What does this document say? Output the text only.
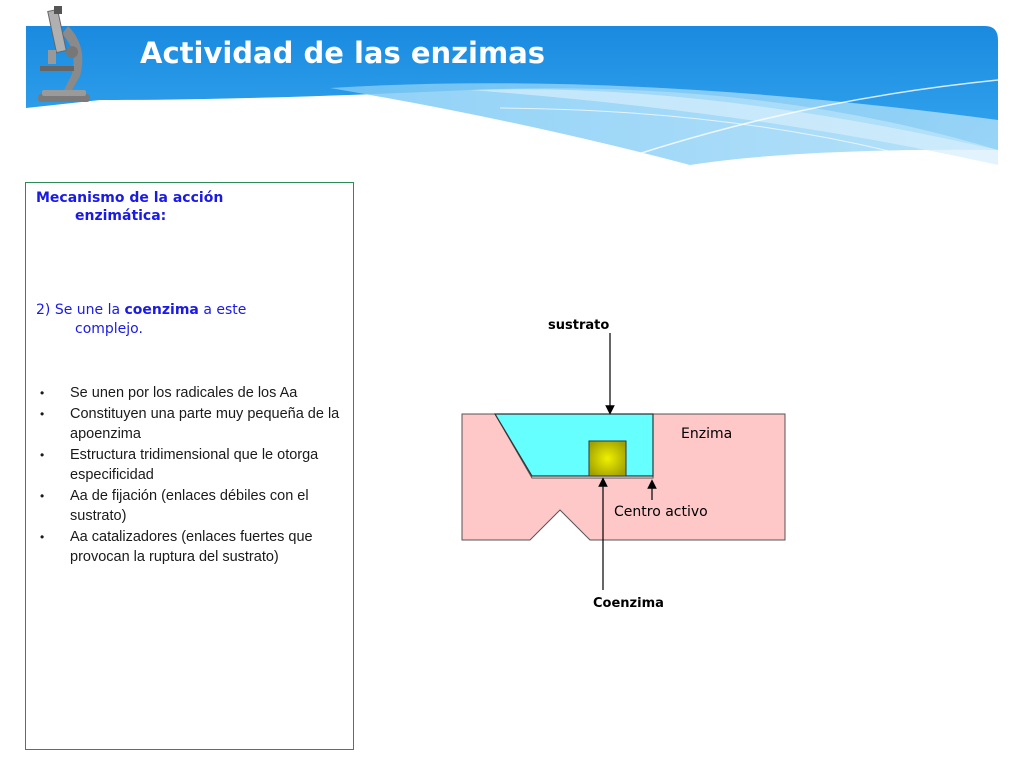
Actividad de las enzimas

Mecanismo de la acción
enzimática:

2) Se une la coenzima a este
complejo.

• Se unen por los radicales de los Aa
• Constituyen una parte muy pequeña de la apoenzima
• Estructura tridimensional que le otorga especificidad
• Aa de fijación (enlaces débiles con el sustrato)
• Aa catalizadores (enlaces fuertes que provocan la ruptura del sustrato)
sustrato
Enzima
Centro activo
Coenzima
